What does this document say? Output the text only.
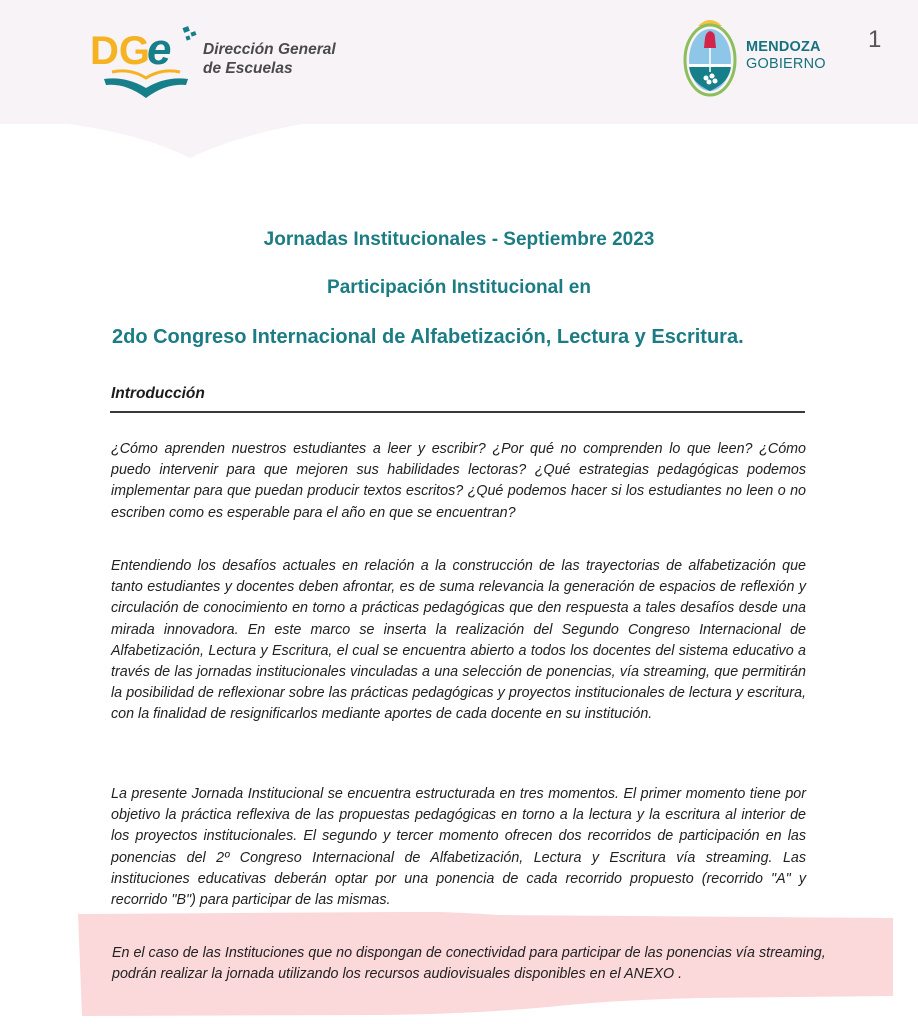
DG
e Dirección General
de Escuelas
MENDOZA
GOBIERNO
1
Jornadas Institucionales - Septiembre 2023
Participación Institucional en
2do Congreso Internacional de Alfabetización, Lectura y Escritura.
Introducción
¿Cómo aprenden nuestros estudiantes a leer y escribir? ¿Por qué no comprenden lo que leen? ¿Cómo puedo intervenir para que mejoren sus habilidades lectoras? ¿Qué estrategias pedagógicas podemos implementar para que puedan producir textos escritos? ¿Qué podemos hacer si los estudiantes no leen o no escriben como es esperable para el año en que se encuentran?
Entendiendo los desafíos actuales en relación a la construcción de las trayectorias de alfabetización que tanto estudiantes y docentes deben afrontar, es de suma relevancia la generación de espacios de reflexión y circulación de conocimiento en torno a prácticas pedagógicas que den respuesta a tales desafíos desde una mirada innovadora. En este marco se inserta la realización del Segundo Congreso Internacional de Alfabetización, Lectura y Escritura, el cual se encuentra abierto a todos los docentes del sistema educativo a través de las jornadas institucionales vinculadas a una selección de ponencias, vía streaming, que permitirán la posibilidad de reflexionar sobre las prácticas pedagógicas y proyectos institucionales de lectura y escritura, con la finalidad de resignificarlos mediante aportes de cada docente en su institución.
La presente Jornada Institucional se encuentra estructurada en tres momentos. El primer momento tiene por objetivo la práctica reflexiva de las propuestas pedagógicas en torno a la lectura y la escritura al interior de los proyectos institucionales. El segundo y tercer momento ofrecen dos recorridos de participación en las ponencias del 2º Congreso Internacional de Alfabetización, Lectura y Escritura vía streaming. Las instituciones educativas deberán optar por una ponencia de cada recorrido propuesto (recorrido "A" y recorrido "B") para participar de las mismas.
En el caso de las Instituciones que no dispongan de conectividad para participar de las ponencias vía streaming, podrán realizar la jornada utilizando los recursos audiovisuales disponibles en el ANEXO .
